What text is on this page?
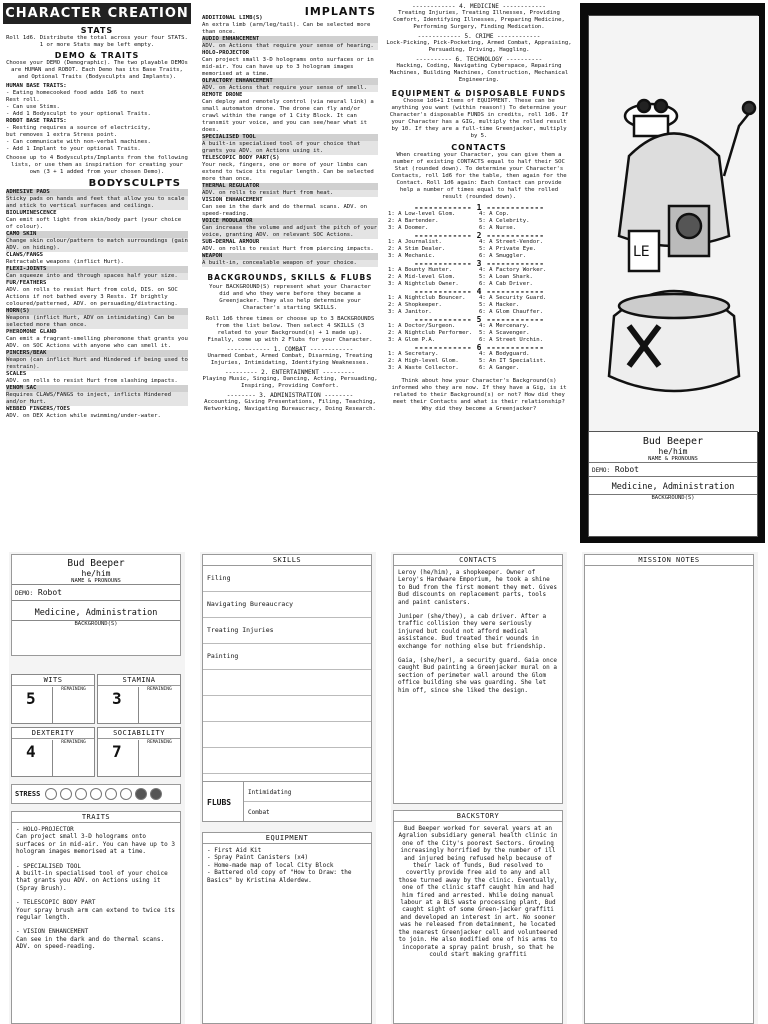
CHARACTER CREATION
STATS
Roll 1d6. Distribute the total across your four STATS. 1 or more Stats may be left empty.
DEMO & TRAITS
Choose your DEMO (Demographic). The two playable DEMOs are HUMAN and ROBOT. Each Demo has its Base Traits, and Optional Traits (Bodysculpts and Implants).
HUMAN BASE TRAITS:
- Eating homecooked food adds 1d6 to next
Rest roll.
- Can use Stims.
- Add 1 Bodysculpt to your optional Traits.
ROBOT BASE TRAITS:
- Resting requires a source of electricity,
but removes 1 extra Stress point.
- Can communicate with non-verbal machines.
- Add 1 Implant to your optional Traits.
Choose up to 4 Bodysculpts/Implants from the following lists, or use them as inspiration for creating your own (3 + 1 added from your chosen Demo).
BODYSCULPTS
ADHESIVE PADS
Sticky pads on hands and feet that allow you to scale and stick to vertical surfaces and ceilings.
BIOLUMINESCENCE
Can emit soft light from skin/body part (your choice of colour).
CAMO SKIN
Change skin colour/pattern to match surroundings (gain ADV. on hiding).
CLAWS/FANGS
Retractable weapons (inflict Hurt).
FLEXI-JOINTS
Can squeeze into and through spaces half your size.
FUR/FEATHERS
ADV. on rolls to resist Hurt from cold, DIS. on SOC Actions if not bathed every 3 Rests. If brightly coloured/patterned, ADV. on persuading/distracting.
HORN(S)
Weapons (inflict Hurt, ADV on intimidating) Can be selected more than once.
PHEROMONE GLAND
Can emit a fragrant-smelling pheromone that grants you ADV. on SOC Actions with anyone who can smell it.
PINCERS/BEAK
Weapon (can inflict Hurt and Hindered if being used to restrain).
SCALES
ADV. on rolls to resist Hurt from slashing impacts.
VENOM SAC
Requires CLAWS/FANGS to inject, inflicts Hindered and/or Hurt.
WEBBED FINGERS/TOES
ADV. on DEX Action while swimming/under-water.
IMPLANTS
ADDITIONAL LIMB(S)
An extra limb (arm/leg/tail). Can be selected more than once.
AUDIO ENHANCEMENT
ADV. on Actions that require your sense of hearing.
HOLO-PROJECTOR
Can project small 3-D holograms onto surfaces or in mid-air. You can have up to 3 hologram images memorised at a time.
OLFACTORY ENHANCEMENT
ADV. on Actions that require your sense of smell.
REMOTE DRONE
Can deploy and remotely control (via neural link) a small automaton drone. The drone can fly and/or crawl within the range of 1 City Block. It can transmit your voice, and you can see/hear what it does.
SPECIALISED TOOL
A built-in specialised tool of your choice that grants you ADV. on Actions using it.
TELESCOPIC BODY PART(S)
Your neck, fingers, one or more of your limbs can extend to twice its regular length. Can be selected more than once.
THERMAL REGULATOR
ADV. on rolls to resist Hurt from heat.
VISION ENHANCEMENT
Can see in the dark and do thermal scans. ADV. on speed-reading.
VOICE MODULATOR
Can increase the volume and adjust the pitch of your voice, granting ADV. on relevant SOC Actions.
SUB-DERMAL ARMOUR
ADV. on rolls to resist Hurt from piercing impacts.
WEAPON
A built-in, concealable weapon of your choice.
BACKGROUNDS, SKILLS & FLUBS
Your BACKGROUND(S) represent what your Character did and who they were before they became a Greenjacker. They also help determine your Character's starting SKILLS.
Roll 1d6 three times or choose up to 3 BACKGROUNDS from the list below. Then select 4 SKILLS (3 related to your Background(s) + 1 made up). Finally, come up with 2 Flubs for your Character.
------------ 1. COMBAT ------------
Unarmed Combat, Armed Combat, Disarming, Treating Injuries, Intimidating, Identifying Weaknesses.
--------- 2. ENTERTAINMENT ---------
Playing Music, Singing, Dancing, Acting, Persuading, Inspiring, Providing Comfort.
-------- 3. ADMINISTRATION --------
Accounting, Giving Presentations, Filing, Teaching, Networking, Navigating Bureaucracy, Doing Research.
------------ 4. MEDICINE ------------
Treating Injuries, Treating Illnesses, Providing Comfort, Identifying Illnesses, Preparing Medicine, Performing Surgery, Finding Medication.
------------ 5. CRIME ------------
Lock-Picking, Pick-Pocketing, Armed Combat, Appraising, Persuading, Driving, Haggling.
---------- 6. TECHNOLOGY ----------
Hacking, Coding, Navigating Cyberspace, Repairing Machines, Building Machines, Construction, Mechanical Engineering.
EQUIPMENT & DISPOSABLE FUNDS
Choose 1d6+1 Items of EQUIPMENT. These can be anything you want (within reason!) To determine your Character's disposable FUNDS in credits, roll 1d6. If your Character has a GIG, multiply the rolled result by 10. If they are a full-time Greenjacker, multiply by 5.
CONTACTS
When creating your Character, you can give them a number of existing CONTACTS equal to half their SOC Stat (rounded down). To determine your Character's Contacts, roll 1d6 for the table, then again for the Contact. Roll 1d6 again: Each Contact can provide help a number of times equal to half the rolled result (rounded down).
------------ 1 ------------
1: A Low-level Glom.	4: A Cop.
2: A Bartender.	5: A Celebrity.
3: A Doomer.	6: A Nurse.
------------ 2 ------------
1: A Journalist.	4: A Street-Vendor.
2: A Stim Dealer.	5: A Private Eye.
3: A Mechanic.	6: A Smuggler.
------------ 3 ------------
1: A Bounty Hunter.	4: A Factory Worker.
2: A Mid-level Glom.	5: A Loan Shark.
3: A Nightclub Owner.	6: A Cab Driver.
------------ 4 ------------
1: A Nightclub Bouncer.	4: A Security Guard.
2: A Shopkeeper.	5: A Hacker.
3: A Janitor.	6: A Glom Chauffer.
------------ 5 ------------
1: A Doctor/Surgeon.	4: A Mercenary.
2: A Nightclub Performer.	5: A Scavenger.
3: A Glom P.A.	6: A Street Urchin.
------------ 6 ------------
1: A Secretary.	4: A Bodyguard.
2: A High-level Glom.	5: An IT Specialist.
3: A Waste Collector.	6: A Ganger.
Think about how your Character's Background(s) informed who they are now. If they have a Gig, is it related to their Background(s) or not? How did they meet their Contacts and what is their relationship? Why did they become a Greenjacker?
LE
Bud Beeper
he/him
NAME & PRONOUNS
DEMO: Robot
Medicine, Administration
BACKGROUND(S)
Bud Beeper
he/him
NAME & PRONOUNS
DEMO: Robot
Medicine, Administration
BACKGROUND(S)
WITS
5	REMAINING
STAMINA
3	REMAINING
DEXTERITY
4	REMAINING
SOCIABILITY
7	REMAINING
STRESS
TRAITS
- HOLO-PROJECTOR
Can project small 3-D holograms onto surfaces or in mid-air. You can have up to 3 hologram images memorised at a time.
- SPECIALISED TOOL
A built-in specialised tool of your choice that grants you ADV. on Actions using it (Spray Brush).
- TELESCOPIC BODY PART
Your spray brush arm can extend to twice its regular length.
- VISION ENHANCEMENT
Can see in the dark and do thermal scans. ADV. on speed-reading.
SKILLS
Filing
Navigating Bureaucracy
Treating Injuries
Painting
FLUBS
Intimidating
Combat
EQUIPMENT
- First Aid Kit
- Spray Paint Canisters (x4)
- Home-made map of local City Block
- Battered old copy of "How to Draw: the Basics" by Kristina Alderdew.
CONTACTS
Leroy (he/him), a shopkeeper. Owner of Leroy's Hardware Emporium, he took a shine to Bud from the first moment they met. Gives Bud discounts on replacement parts, tools and paint canisters.
Juniper (she/they), a cab driver. After a traffic collision they were seriously injured but could not afford medical assistance. Bud treated their wounds in exchange for nothing else but friendship.
Gaia, (she/her), a security guard. Gaia once caught Bud painting a Greenjacker mural on a section of perimeter wall around the Glom office building she was guarding. She let him off, since she liked the design.
BACKSTORY
Bud Beeper worked for several years at an Agralion subsidiary general health clinic in one of the City's poorest Sectors. Growing increasingly horrified by the number of ill and injured being refused help because of their lack of funds, Bud resolved to covertly provide free aid to any and all those turned away by the clinic. Eventually, one of the clinic staff caught him and had him fired and arrested. While doing manual labour at a BLS waste processing plant, Bud caught sight of some Green-jacker graffiti and developed an interest in art. No sooner was he released from detainment, he located the nearest Greenjacker cell and volunteered to join. He also modified one of his arms to incoporate a spray paint brush, so that he could start making graffiti
MISSION NOTES
